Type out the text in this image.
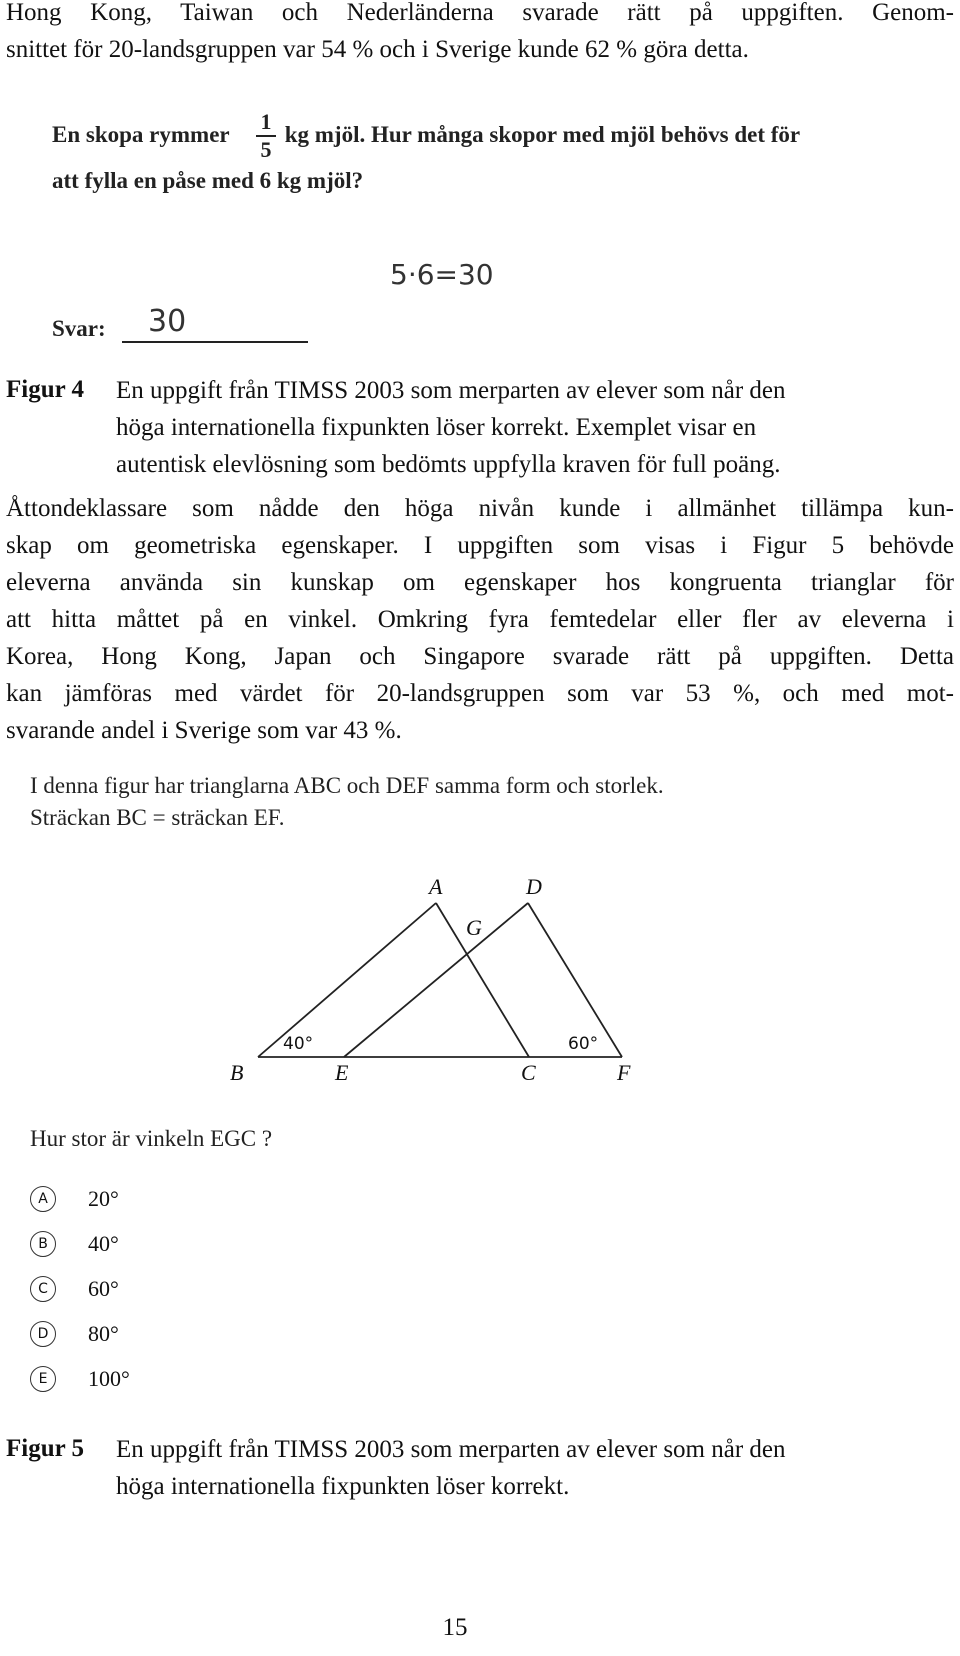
Hong Kong, Taiwan och Nederländerna svarade rätt på uppgiften. Genom-
snittet för 20-landsgruppen var 54 % och i Sverige kunde 62 % göra detta.
En skopa rymmer kg mjöl. Hur många skopor med mjöl behövs det för
1
5
att fylla en påse med 6 kg mjöl?
5·6=30
Svar: 30
Figur 4 En uppgift från TIMSS 2003 som merparten av elever som når den
höga internationella fixpunkten löser korrekt. Exemplet visar en
autentisk elevlösning som bedömts uppfylla kraven för full poäng.
Åttondeklassare som nådde den höga nivån kunde i allmänhet tillämpa kun-
skap om geometriska egenskaper. I uppgiften som visas i Figur 5 behövde
eleverna använda sin kunskap om egenskaper hos kongruenta trianglar för
att hitta måttet på en vinkel. Omkring fyra femtedelar eller fler av eleverna i
Korea, Hong Kong, Japan och Singapore svarade rätt på uppgiften. Detta
kan jämföras med värdet för 20-landsgruppen som var 53 %, och med mot-
svarande andel i Sverige som var 43 %.
I denna figur har trianglarna ABC och DEF samma form och storlek.
Sträckan BC = sträckan EF.
A	D
G
B	E	C	F
40°	60°
Hur stor är vinkeln EGC ?
A	20°
B	40°
C	60°
D	80°
E	100°
Figur 5 En uppgift från TIMSS 2003 som merparten av elever som når den
höga internationella fixpunkten löser korrekt.
15
